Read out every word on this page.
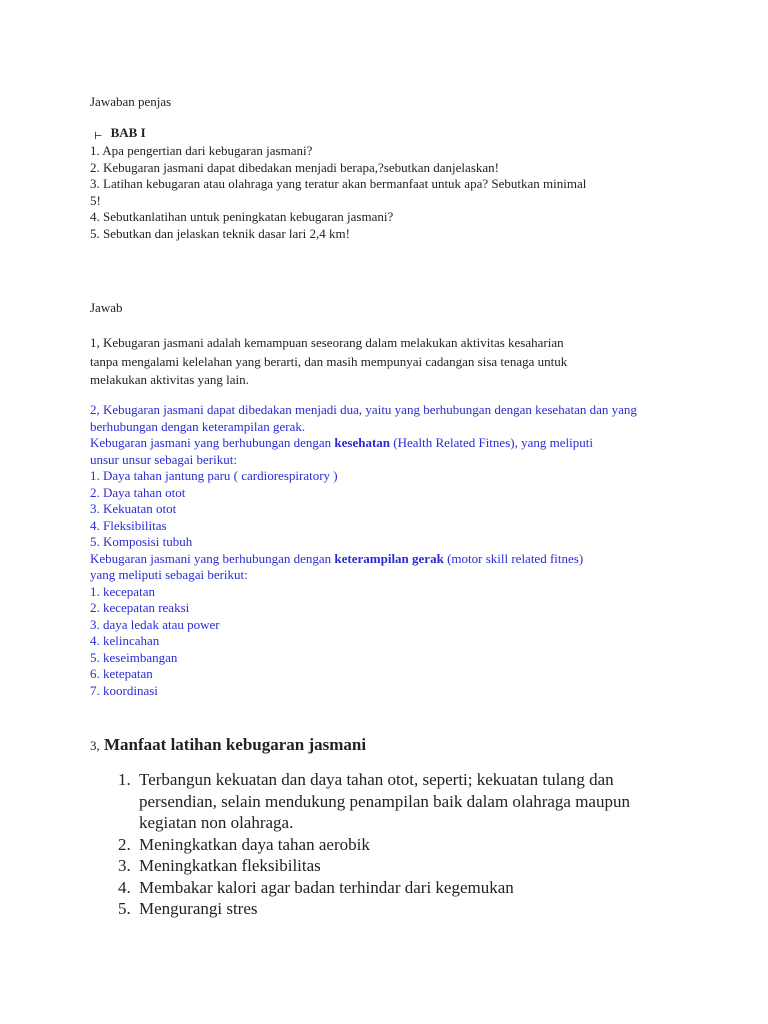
Jawaban penjas
⊢ BAB I
1. Apa pengertian dari kebugaran jasmani?
2. Kebugaran jasmani dapat dibedakan menjadi berapa,?sebutkan danjelaskan!
3. Latihan kebugaran atau olahraga yang teratur akan bermanfaat untuk apa? Sebutkan minimal
5!
4. Sebutkanlatihan untuk peningkatan kebugaran jasmani?
5. Sebutkan dan jelaskan teknik dasar lari 2,4 km!
Jawab
1, Kebugaran jasmani adalah kemampuan seseorang dalam melakukan aktivitas kesaharian
tanpa mengalami kelelahan yang berarti, dan masih mempunyai cadangan sisa tenaga untuk
melakukan aktivitas yang lain.
2, Kebugaran jasmani dapat dibedakan menjadi dua, yaitu yang berhubungan dengan kesehatan dan yang
berhubungan dengan keterampilan gerak.
Kebugaran jasmani yang berhubungan dengan kesehatan (Health Related Fitnes), yang meliputi
unsur unsur sebagai berikut:
1. Daya tahan jantung paru ( cardiorespiratory )
2. Daya tahan otot
3. Kekuatan otot
4. Fleksibilitas
5. Komposisi tubuh
Kebugaran jasmani yang berhubungan dengan keterampilan gerak (motor skill related fitnes)
yang meliputi sebagai berikut:
1. kecepatan
2. kecepatan reaksi
3. daya ledak atau power
4. kelincahan
5. keseimbangan
6. ketepatan
7. koordinasi
3, Manfaat latihan kebugaran jasmani
1. Terbangun kekuatan dan daya tahan otot, seperti; kekuatan tulang dan persendian, selain mendukung penampilan baik dalam olahraga maupun kegiatan non olahraga.
2. Meningkatkan daya tahan aerobik
3. Meningkatkan fleksibilitas
4. Membakar kalori agar badan terhindar dari kegemukan
5. Mengurangi stres
